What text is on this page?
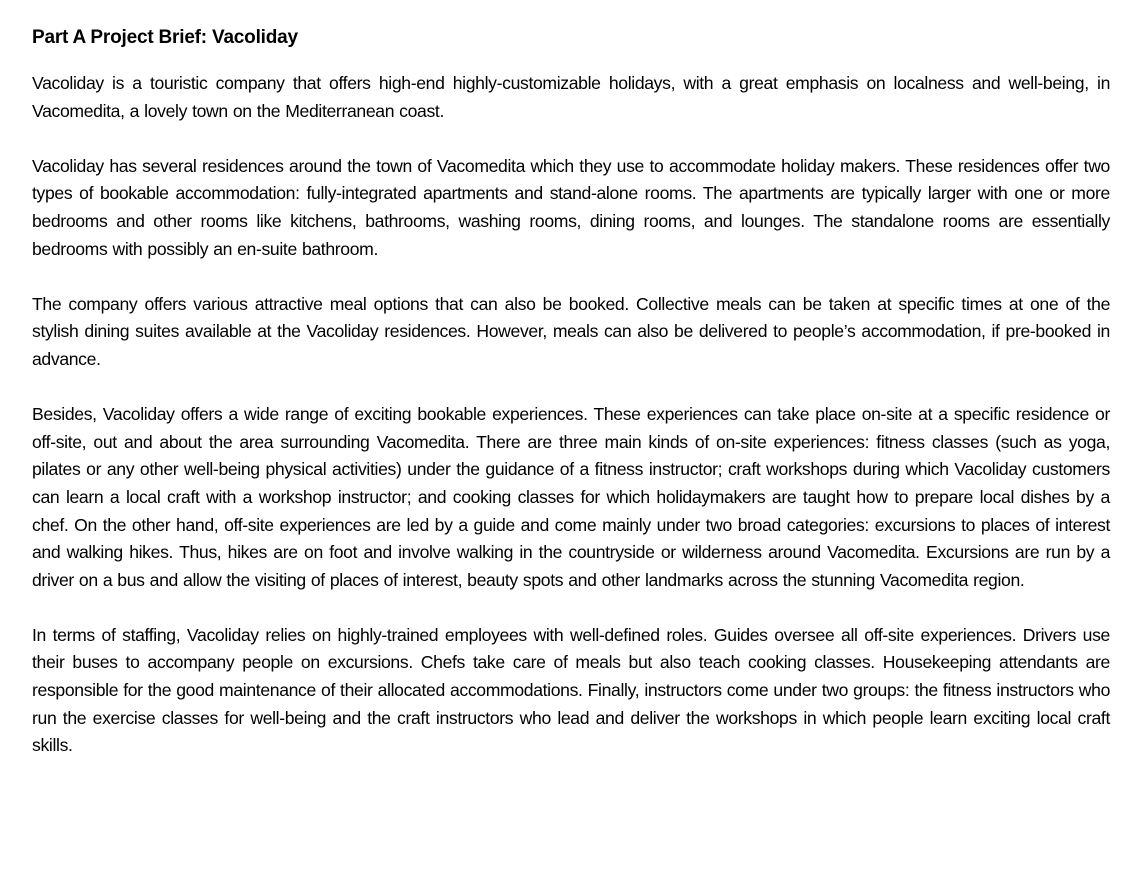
Part A Project Brief: Vacoliday

Vacoliday is a touristic company that offers high-end highly-customizable holidays, with a great emphasis on localness and well-being, in Vacomedita, a lovely town on the Mediterranean coast.

Vacoliday has several residences around the town of Vacomedita which they use to accommodate holiday makers. These residences offer two types of bookable accommodation: fully-integrated apartments and stand-alone rooms. The apartments are typically larger with one or more bedrooms and other rooms like kitchens, bathrooms, washing rooms, dining rooms, and lounges. The standalone rooms are essentially bedrooms with possibly an en-suite bathroom.

The company offers various attractive meal options that can also be booked. Collective meals can be taken at specific times at one of the stylish dining suites available at the Vacoliday residences. However, meals can also be delivered to people’s accommodation, if pre-booked in advance.

Besides, Vacoliday offers a wide range of exciting bookable experiences. These experiences can take place on-site at a specific residence or off-site, out and about the area surrounding Vacomedita. There are three main kinds of on-site experiences: fitness classes (such as yoga, pilates or any other well-being physical activities) under the guidance of a fitness instructor; craft workshops during which Vacoliday customers can learn a local craft with a workshop instructor; and cooking classes for which holidaymakers are taught how to prepare local dishes by a chef. On the other hand, off-site experiences are led by a guide and come mainly under two broad categories: excursions to places of interest and walking hikes. Thus, hikes are on foot and involve walking in the countryside or wilderness around Vacomedita. Excursions are run by a driver on a bus and allow the visiting of places of interest, beauty spots and other landmarks across the stunning Vacomedita region.

In terms of staffing, Vacoliday relies on highly-trained employees with well-defined roles. Guides oversee all off-site experiences. Drivers use their buses to accompany people on excursions. Chefs take care of meals but also teach cooking classes. Housekeeping attendants are responsible for the good maintenance of their allocated accommodations. Finally, instructors come under two groups: the fitness instructors who run the exercise classes for well-being and the craft instructors who lead and deliver the workshops in which people learn exciting local craft skills.
